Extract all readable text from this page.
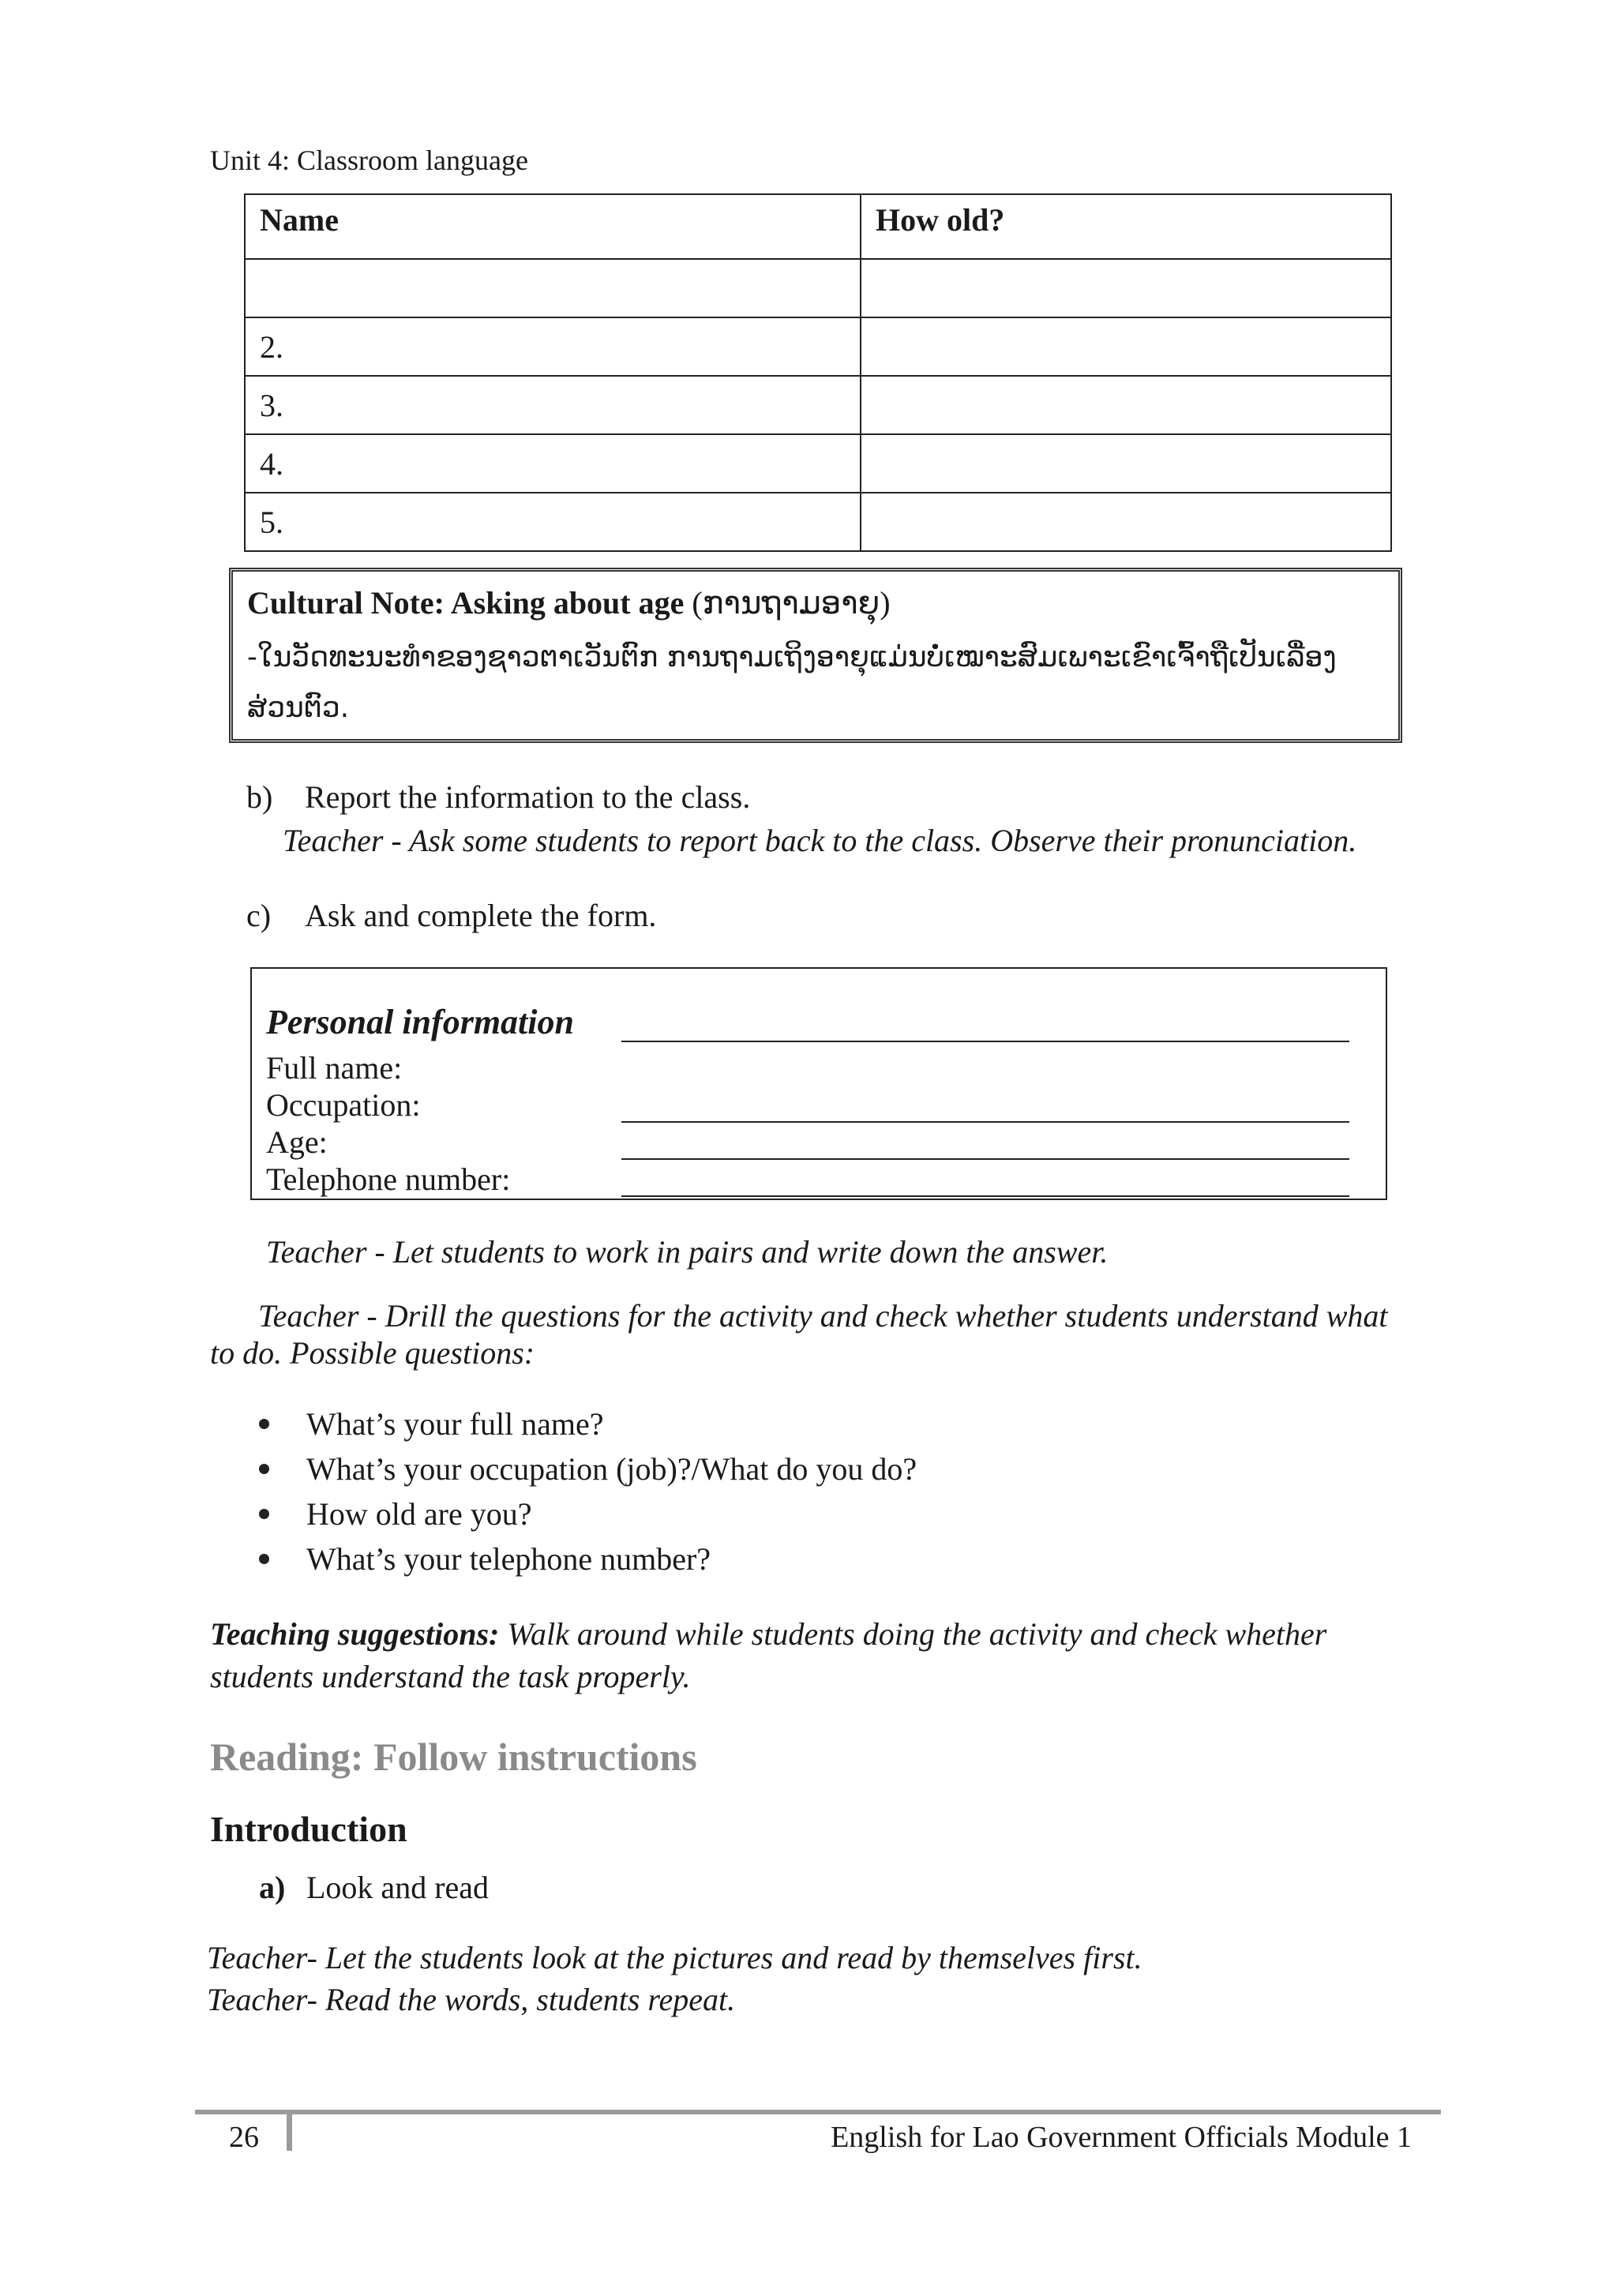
Unit 4: Classroom language
Name	How old?

2.	
3.	
4.	
5.	
Cultural Note: Asking about age (ການຖາມອາຍຸ)
-ໃນວັດທະນະທຳຂອງຊາວຕາເວັນຕົກ ການຖາມເຖິງອາຍຸແມ່ນບໍ່ເໝາະສົມເພາະເຂົາເຈົ້າຖືເປັນເລື່ອງສ່ວນຕົວ.
b) Report the information to the class.
Teacher - Ask some students to report back to the class. Observe their pronunciation.
c) Ask and complete the form.
Personal information
Full name:
Occupation:
Age:
Telephone number:
Teacher - Let students to work in pairs and write down the answer.
Teacher - Drill the questions for the activity and check whether students understand what
to do. Possible questions:
What’s your full name?
What’s your occupation (job)?/What do you do?
How old are you?
What’s your telephone number?
Teaching suggestions: Walk around while students doing the activity and check whether
students understand the task properly.
Reading: Follow instructions
Introduction
a) Look and read
Teacher- Let the students look at the pictures and read by themselves first.
Teacher- Read the words, students repeat.
26	English for Lao Government Officials Module 1
